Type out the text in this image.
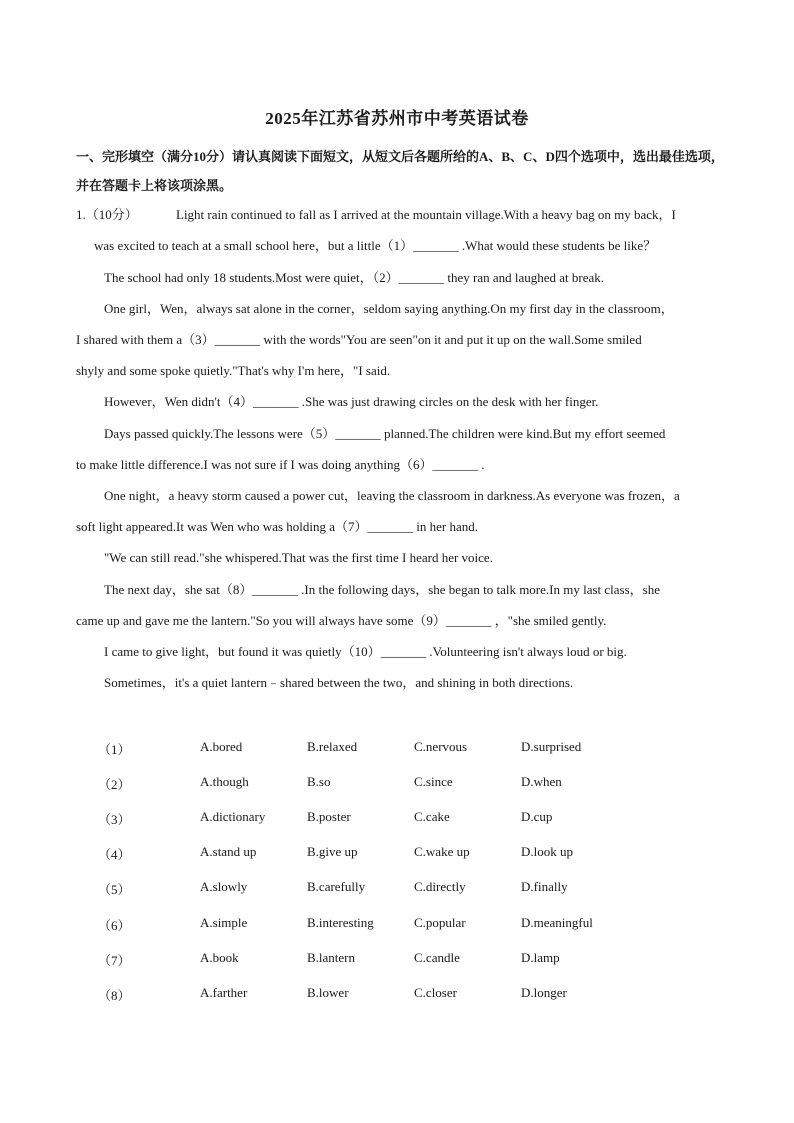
2025年江苏省苏州市中考英语试卷
一、完形填空（满分10分）请认真阅读下面短文，从短文后各题所给的A、B、C、D四个选项中，选出最佳选项，并在答题卡上将该项涂黑。
1.（10分）	Light rain continued to fall as I arrived at the mountain village.With a heavy bag on my back，I
was excited to teach at a small school here，but a little（1）_______ .What would these students be like？
The school had only 18 students.Most were quiet，（2）_______ they ran and laughed at break.
One girl，Wen，always sat alone in the corner，seldom saying anything.On my first day in the classroom，
I shared with them a（3）_______ with the words"You are seen"on it and put it up on the wall.Some smiled
shyly and some spoke quietly."That's why I'm here，"I said.
However，Wen didn't（4）_______ .She was just drawing circles on the desk with her finger.
Days passed quickly.The lessons were（5）_______ planned.The children were kind.But my effort seemed
to make little difference.I was not sure if I was doing anything（6）_______ .
One night，a heavy storm caused a power cut，leaving the classroom in darkness.As everyone was frozen，a
soft light appeared.It was Wen who was holding a（7）_______ in her hand.
"We can still read."she whispered.That was the first time I heard her voice.
The next day，she sat（8）_______ .In the following days，she began to talk more.In my last class，she
came up and gave me the lantern."So you will always have some（9）_______ ，"she smiled gently.
I came to give light，but found it was quietly（10）_______ .Volunteering isn't always loud or big.
Sometimes，it's a quiet lantern﹣shared between the two，and shining in both directions.
（1）	A.bored	B.relaxed	C.nervous	D.surprised
（2）	A.though	B.so	C.since	D.when
（3）	A.dictionary	B.poster	C.cake	D.cup
（4）	A.stand up	B.give up	C.wake up	D.look up
（5）	A.slowly	B.carefully	C.directly	D.finally
（6）	A.simple	B.interesting	C.popular	D.meaningful
（7）	A.book	B.lantern	C.candle	D.lamp
（8）	A.farther	B.lower	C.closer	D.longer
